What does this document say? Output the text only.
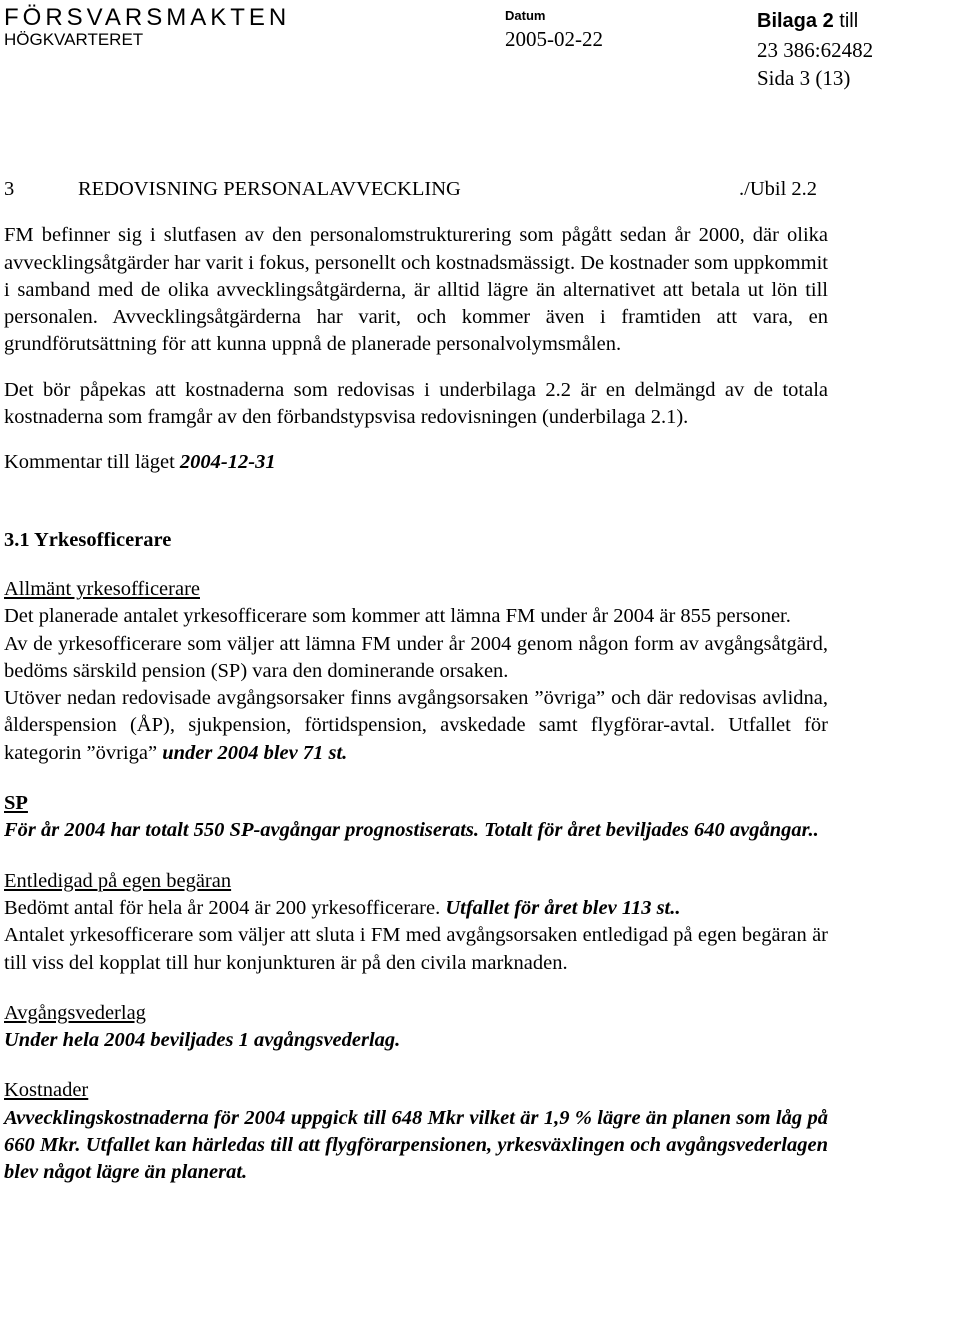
FÖRSVARSMAKTEN
HÖGKVARTERET
Datum
2005-02-22
Bilaga 2 till
23 386:62482
Sida 3 (13)
3	REDOVISNING PERSONALAVVECKLING	./Ubil 2.2

FM befinner sig i slutfasen av den personalomstrukturering som pågått sedan år 2000, där olika avvecklingsåtgärder har varit i fokus, personellt och kostnadsmässigt. De kostnader som uppkommit i samband med de olika avvecklingsåtgärderna, är alltid lägre än alternativet att betala ut lön till personalen. Avvecklingsåtgärderna har varit, och kommer även i framtiden att vara, en grundförutsättning för att kunna uppnå de planerade personalvolymsmålen.

Det bör påpekas att kostnaderna som redovisas i underbilaga 2.2 är en delmängd av de totala kostnaderna som framgår av den förbandstypsvisa redovisningen (underbilaga 2.1).

Kommentar till läget 2004-12-31

3.1 Yrkesofficerare

Allmänt yrkesofficerare

Det planerade antalet yrkesofficerare som kommer att lämna FM under år 2004 är 855 personer.

Av de yrkesofficerare som väljer att lämna FM under år 2004 genom någon form av avgångsåtgärd, bedöms särskild pension (SP) vara den dominerande orsaken.

Utöver nedan redovisade avgångsorsaker finns avgångsorsaken ”övriga” och där redovisas avlidna, ålderspension (ÅP), sjukpension, förtidspension, avskedade samt flygförar-avtal. Utfallet för kategorin ”övriga” under 2004 blev 71 st.

SP

För år 2004 har totalt 550 SP-avgångar prognostiserats. Totalt för året beviljades 640 avgångar..

Entledigad på egen begäran

Bedömt antal för hela år 2004 är 200 yrkesofficerare. Utfallet för året blev 113 st..

Antalet yrkesofficerare som väljer att sluta i FM med avgångsorsaken entledigad på egen begäran är till viss del kopplat till hur konjunkturen är på den civila marknaden.

Avgångsvederlag

Under hela 2004 beviljades 1 avgångsvederlag.

Kostnader

Avvecklingskostnaderna för 2004 uppgick till 648 Mkr vilket är 1,9 % lägre än planen som låg på 660 Mkr. Utfallet kan härledas till att flygförarpensionen, yrkesväxlingen och avgångsvederlagen blev något lägre än planerat.
